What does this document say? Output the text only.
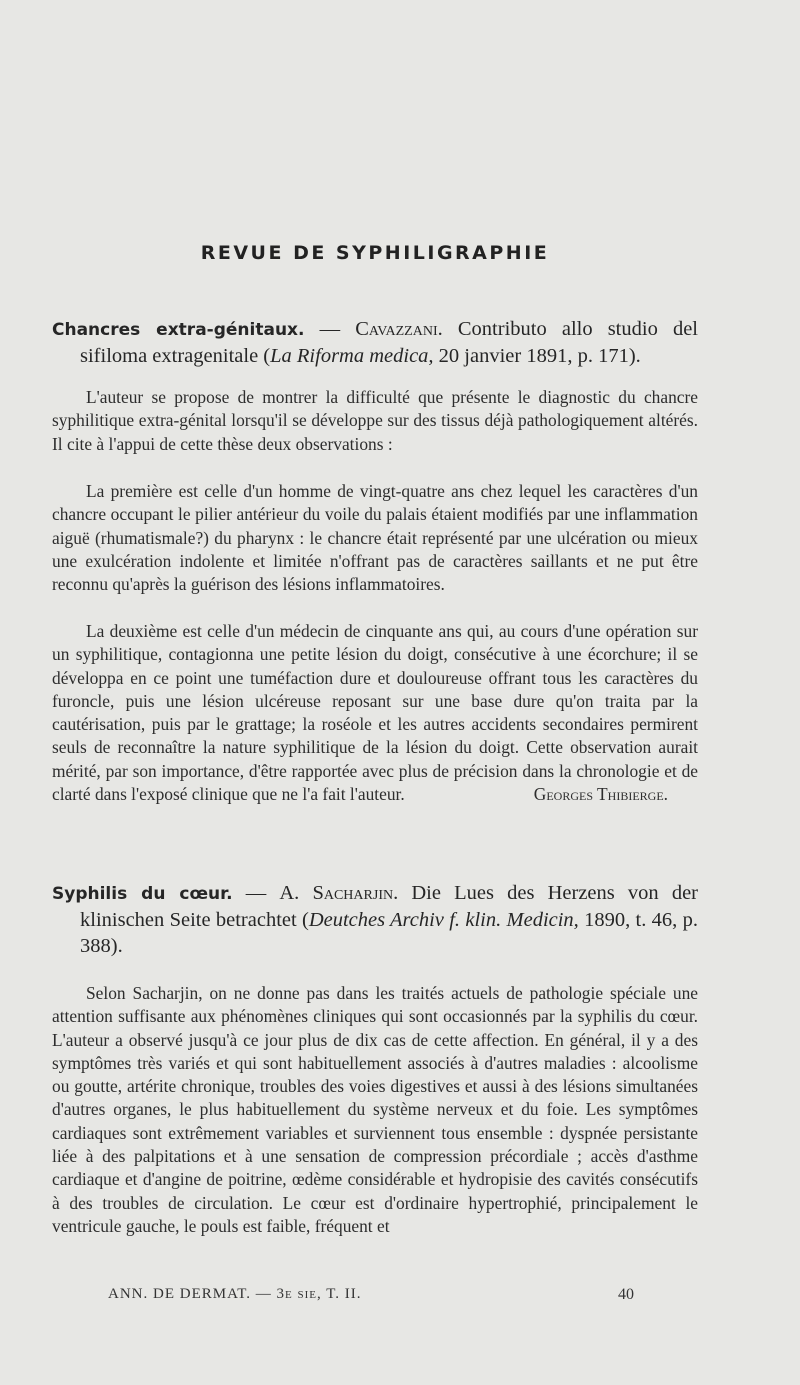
REVUE DE SYPHILIGRAPHIE
Chancres extra-génitaux. — Cavazzani. Contributo allo studio del sifiloma extragenitale (La Riforma medica, 20 janvier 1891, p. 171).

L'auteur se propose de montrer la difficulté que présente le diagnostic du chancre syphilitique extra-génital lorsqu'il se développe sur des tissus déjà pathologiquement altérés. Il cite à l'appui de cette thèse deux observations :

La première est celle d'un homme de vingt-quatre ans chez lequel les caractères d'un chancre occupant le pilier antérieur du voile du palais étaient modifiés par une inflammation aiguë (rhumatismale?) du pharynx : le chancre était représenté par une ulcération ou mieux une exulcération indolente et limitée n'offrant pas de caractères saillants et ne put être reconnu qu'après la guérison des lésions inflammatoires.

La deuxième est celle d'un médecin de cinquante ans qui, au cours d'une opération sur un syphilitique, contagionna une petite lésion du doigt, consécutive à une écorchure; il se développa en ce point une tuméfaction dure et douloureuse offrant tous les caractères du furoncle, puis une lésion ulcéreuse reposant sur une base dure qu'on traita par la cautérisation, puis par le grattage; la roséole et les autres accidents secondaires permirent seuls de reconnaître la nature syphilitique de la lésion du doigt. Cette observation aurait mérité, par son importance, d'être rapportée avec plus de précision dans la chronologie et de clarté dans l'exposé clinique que ne l'a fait l'auteur.	Georges Thibierge.

Syphilis du cœur. — A. Sacharjin. Die Lues des Herzens von der klinischen Seite betrachtet (Deutches Archiv f. klin. Medicin, 1890, t. 46, p. 388).

Selon Sacharjin, on ne donne pas dans les traités actuels de pathologie spéciale une attention suffisante aux phénomènes cliniques qui sont occasionnés par la syphilis du cœur. L'auteur a observé jusqu'à ce jour plus de dix cas de cette affection. En général, il y a des symptômes très variés et qui sont habituellement associés à d'autres maladies : alcoolisme ou goutte, artérite chronique, troubles des voies digestives et aussi à des lésions simultanées d'autres organes, le plus habituellement du système nerveux et du foie. Les symptômes cardiaques sont extrêmement variables et surviennent tous ensemble : dyspnée persistante liée à des palpitations et à une sensation de compression précordiale ; accès d'asthme cardiaque et d'angine de poitrine, œdème considérable et hydropisie des cavités consécutifs à des troubles de circulation. Le cœur est d'ordinaire hypertrophié, principalement le ventricule gauche, le pouls est faible, fréquent et

ANN. DE DERMAT. — 3e sie, T. II.	40
